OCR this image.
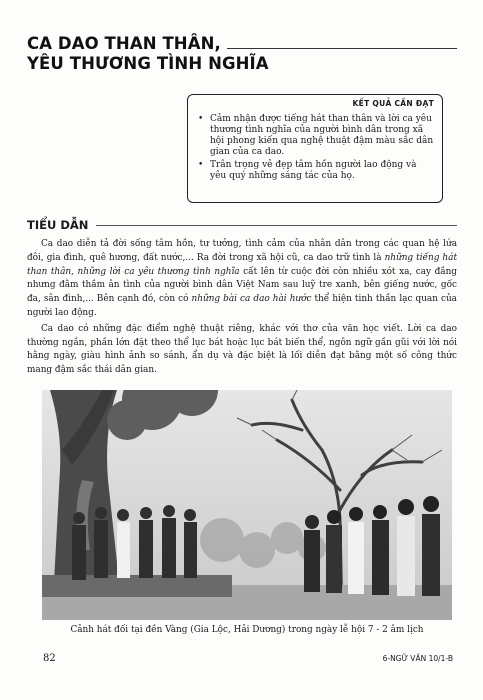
CA DAO THAN THÂN,
YÊU THƯƠNG TÌNH NGHĨA
KẾT QUẢ CẦN ĐẠT
• Cảm nhận được tiếng hát than thân và lời ca yêu thương tình nghĩa của người bình dân trong xã hội phong kiến qua nghệ thuật đậm màu sắc dân gian của ca dao.
• Trân trọng vẻ đẹp tâm hồn người lao động và yêu quý những sáng tác của họ.
TIỂU DẪN

Ca dao diễn tả đời sống tâm hồn, tư tưởng, tình cảm của nhân dân trong các quan hệ lứa đôi, gia đình, quê hương, đất nước,... Ra đời trong xã hội cũ, ca dao trữ tình là những tiếng hát than thân, những lời ca yêu thương tình nghĩa cất lên từ cuộc đời còn nhiều xót xa, cay đắng nhưng đằm thắm ân tình của người bình dân Việt Nam sau luỹ tre xanh, bên giếng nước, gốc đa, sân đình,... Bên cạnh đó, còn có những bài ca dao hài hước thể hiện tinh thần lạc quan của người lao động.

Ca dao có những đặc điểm nghệ thuật riêng, khác với thơ của văn học viết. Lời ca dao thường ngắn, phần lớn đặt theo thể lục bát hoặc lục bát biến thể, ngôn ngữ gần gũi với lời nói hằng ngày, giàu hình ảnh so sánh, ẩn dụ và đặc biệt là lối diễn đạt bằng một số công thức mang đậm sắc thái dân gian.

Cảnh hát đối tại đền Vàng (Gia Lộc, Hải Dương) trong ngày lễ hội 7 - 2 âm lịch
82	6-NGỮ VĂN 10/1-B
